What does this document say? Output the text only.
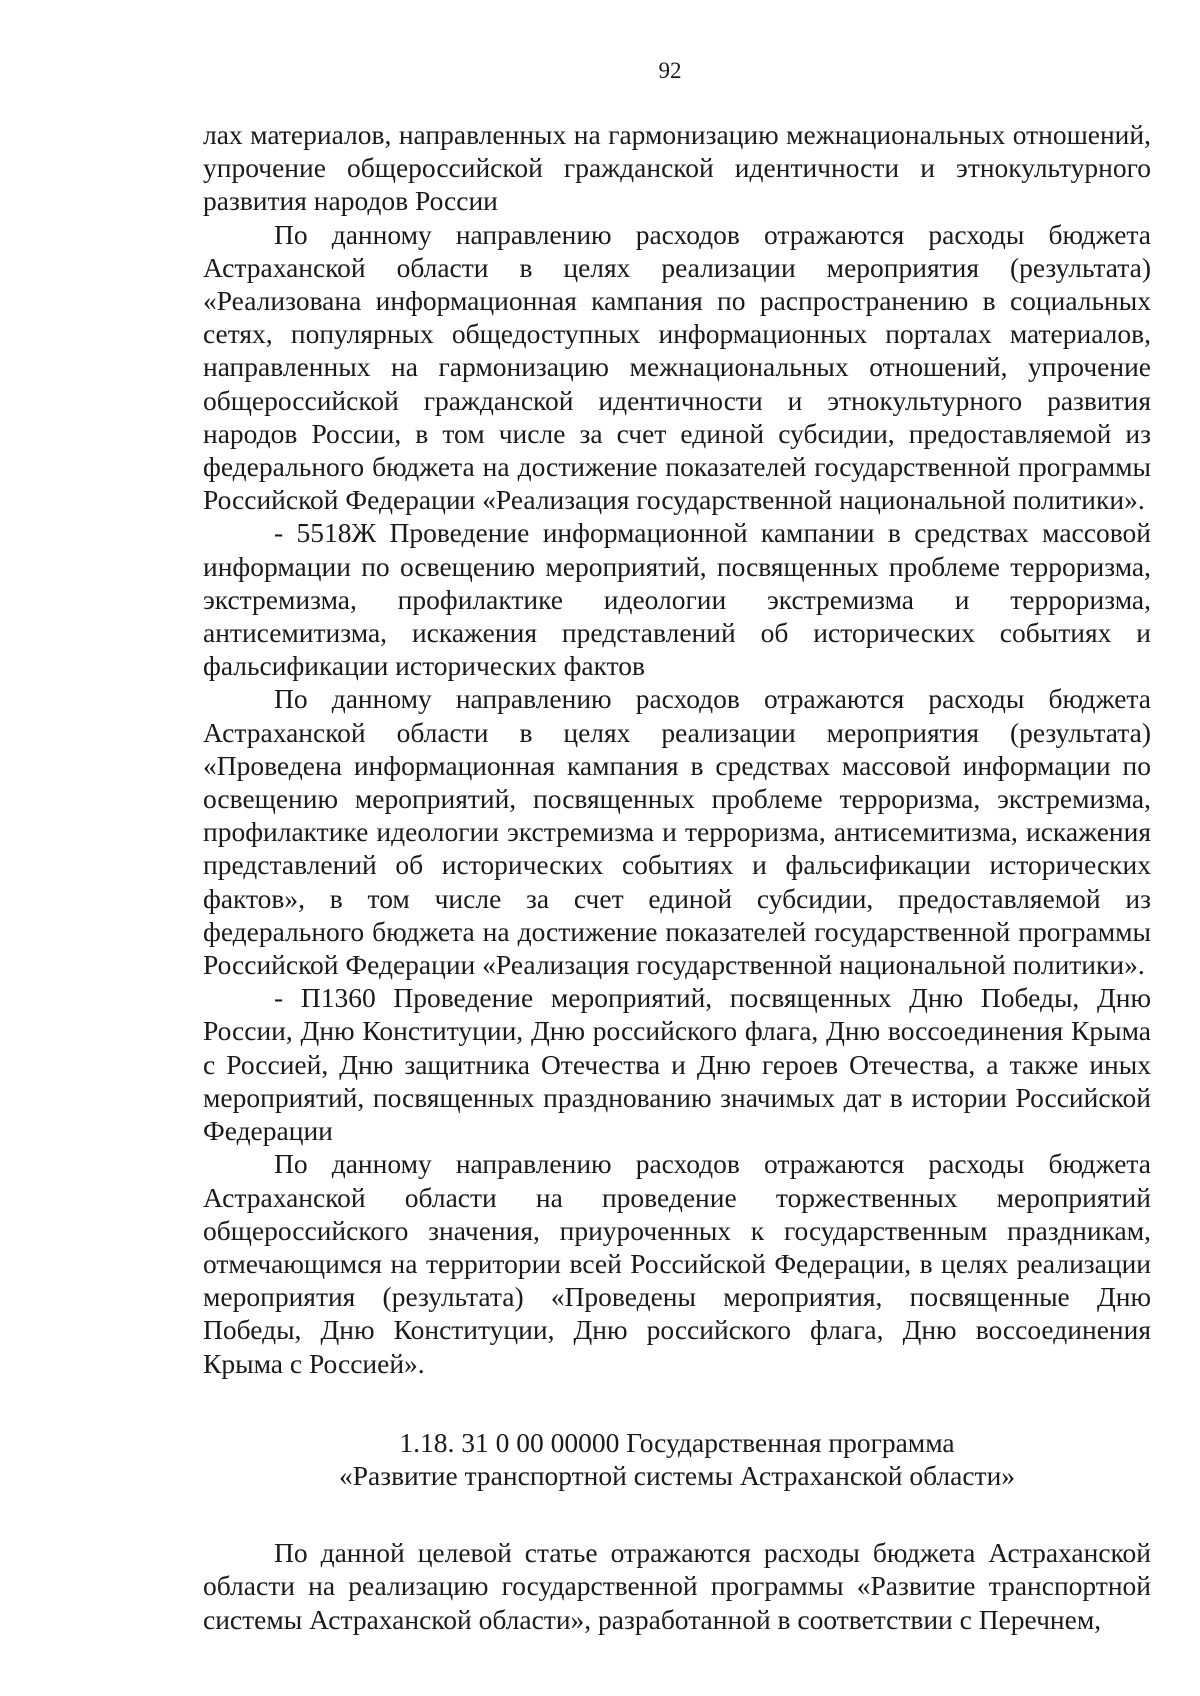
92

лах материалов, направленных на гармонизацию межнациональных отношений, упрочение общероссийской гражданской идентичности и этнокультурного развития народов России

По данному направлению расходов отражаются расходы бюджета Астраханской области в целях реализации мероприятия (результата) «Реализована информационная кампания по распространению в социальных сетях, популярных общедоступных информационных порталах материалов, направленных на гармонизацию межнациональных отношений, упрочение общероссийской гражданской идентичности и этнокультурного развития народов России, в том числе за счет единой субсидии, предоставляемой из федерального бюджета на достижение показателей государственной программы Российской Федерации «Реализация государственной национальной политики».

- 5518Ж Проведение информационной кампании в средствах массовой информации по освещению мероприятий, посвященных проблеме терроризма, экстремизма, профилактике идеологии экстремизма и терроризма, антисемитизма, искажения представлений об исторических событиях и фальсификации исторических фактов

По данному направлению расходов отражаются расходы бюджета Астраханской области в целях реализации мероприятия (результата) «Проведена информационная кампания в средствах массовой информации по освещению мероприятий, посвященных проблеме терроризма, экстремизма, профилактике идеологии экстремизма и терроризма, антисемитизма, искажения представлений об исторических событиях и фальсификации исторических фактов», в том числе за счет единой субсидии, предоставляемой из федерального бюджета на достижение показателей государственной программы Российской Федерации «Реализация государственной национальной политики».

- П1360 Проведение мероприятий, посвященных Дню Победы, Дню России, Дню Конституции, Дню российского флага, Дню воссоединения Крыма с Россией, Дню защитника Отечества и Дню героев Отечества, а также иных мероприятий, посвященных празднованию значимых дат в истории Российской Федерации

По данному направлению расходов отражаются расходы бюджета Астраханской области на проведение торжественных мероприятий общероссийского значения, приуроченных к государственным праздникам, отмечающимся на территории всей Российской Федерации, в целях реализации мероприятия (результата) «Проведены мероприятия, посвященные Дню Победы, Дню Конституции, Дню российского флага, Дню воссоединения Крыма с Россией».

1.18. 31 0 00 00000 Государственная программа
«Развитие транспортной системы Астраханской области»

По данной целевой статье отражаются расходы бюджета Астраханской области на реализацию государственной программы «Развитие транспортной системы Астраханской области», разработанной в соответствии с Перечнем,
